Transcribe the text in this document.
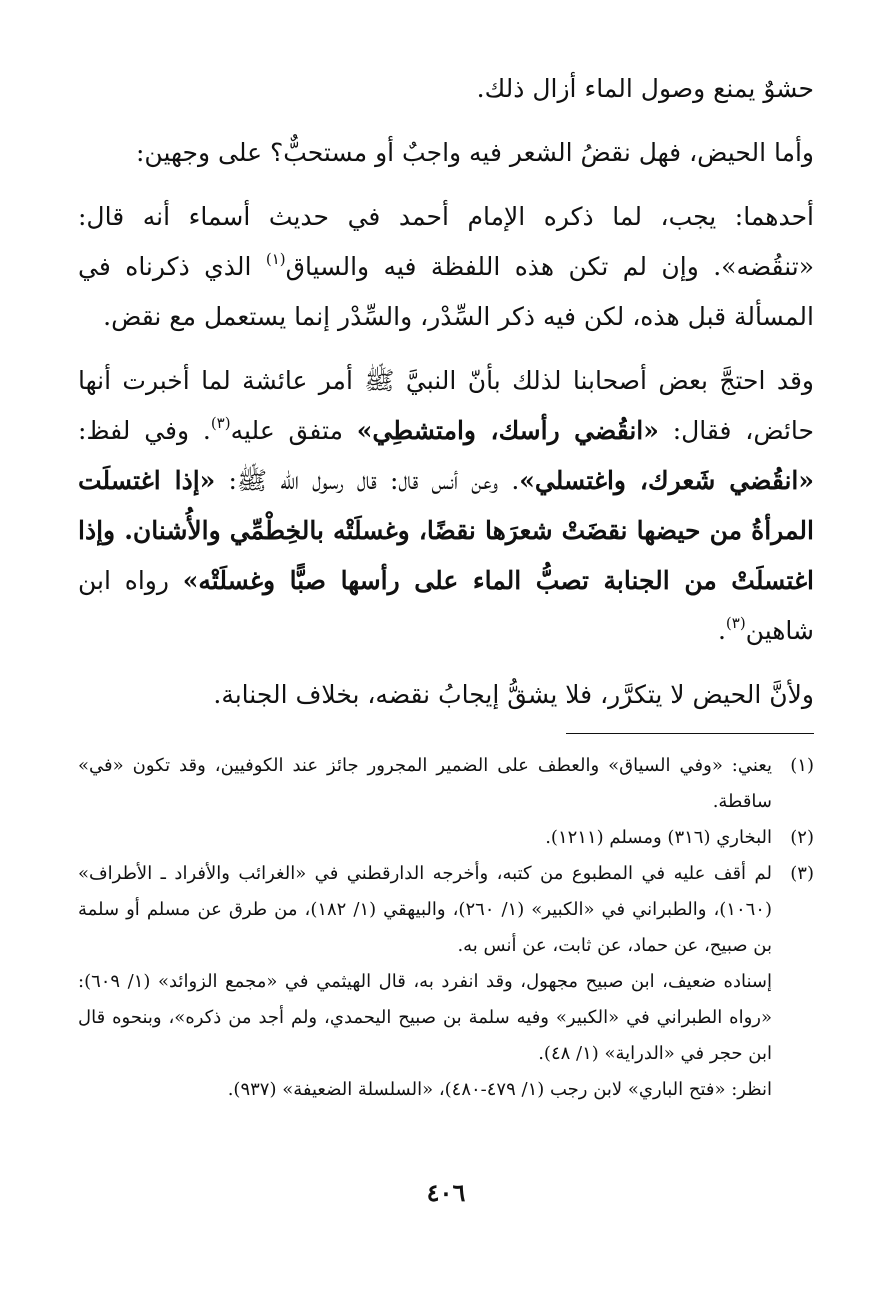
حشوٌ يمنع وصول الماء أزال ذلك.

وأما الحيض، فهل نقضُ الشعر فيه واجبٌ أو مستحبٌّ؟ على وجهين:

أحدهما: يجب، لما ذكره الإمام أحمد في حديث أسماء أنه قال: «تنقُضه». وإن لم تكن هذه اللفظة فيه والسياق$^{(١)}$ الذي ذكرناه في المسألة قبل هذه، لكن فيه ذكر السِّدْر، والسِّدْر إنما يستعمل مع نقض.

وقد احتجَّ بعض أصحابنا لذلك بأنّ النبيَّ ﷺ أمر عائشة لما أخبرت أنها حائض، فقال: «انقُضي رأسك، وامتشطِي» متفق عليه$^{(٣)}$. وفي لفظ: «انقُضي شَعرك، واغتسلي». وعن أنس قال: قال رسول الله ﷺ: «إذا اغتسلَت المرأةُ من حيضها نقضَتْ شعرَها نقضًا، وغسلَتْه بالخِطْمِّي والأُشنان. وإذا اغتسلَتْ من الجنابة تصبُّ الماء على رأسها صبًّا وغسلَتْه» رواه ابن شاهين$^{(٣)}$.

ولأنَّ الحيض لا يتكرَّر، فلا يشقُّ إيجابُ نقضه، بخلاف الجنابة.

(١)

يعني: «وفي السياق» والعطف على الضمير المجرور جائز عند الكوفيين، وقد تكون «في» ساقطة.

(٢)

البخاري (٣١٦) ومسلم (١٢١١).

(٣)

لم أقف عليه في المطبوع من كتبه، وأخرجه الدارقطني في «الغرائب والأفراد ـ الأطراف» (١٠٦٠)، والطبراني في «الكبير» (١/ ٢٦٠)، والبيهقي (١/ ١٨٢)، من طرق عن مسلم أو سلمة بن صبيح، عن حماد، عن ثابت، عن أنس به.

إسناده ضعيف، ابن صبيح مجهول، وقد انفرد به، قال الهيثمي في «مجمع الزوائد» (١/ ٦٠٩): «رواه الطبراني في «الكبير» وفيه سلمة بن صبيح اليحمدي، ولم أجد من ذكره»، وبنحوه قال ابن حجر في «الدراية» (١/ ٤٨).

انظر: «فتح الباري» لابن رجب (١/ ٤٧٩-٤٨٠)، «السلسلة الضعيفة» (٩٣٧).

٤٠٦
